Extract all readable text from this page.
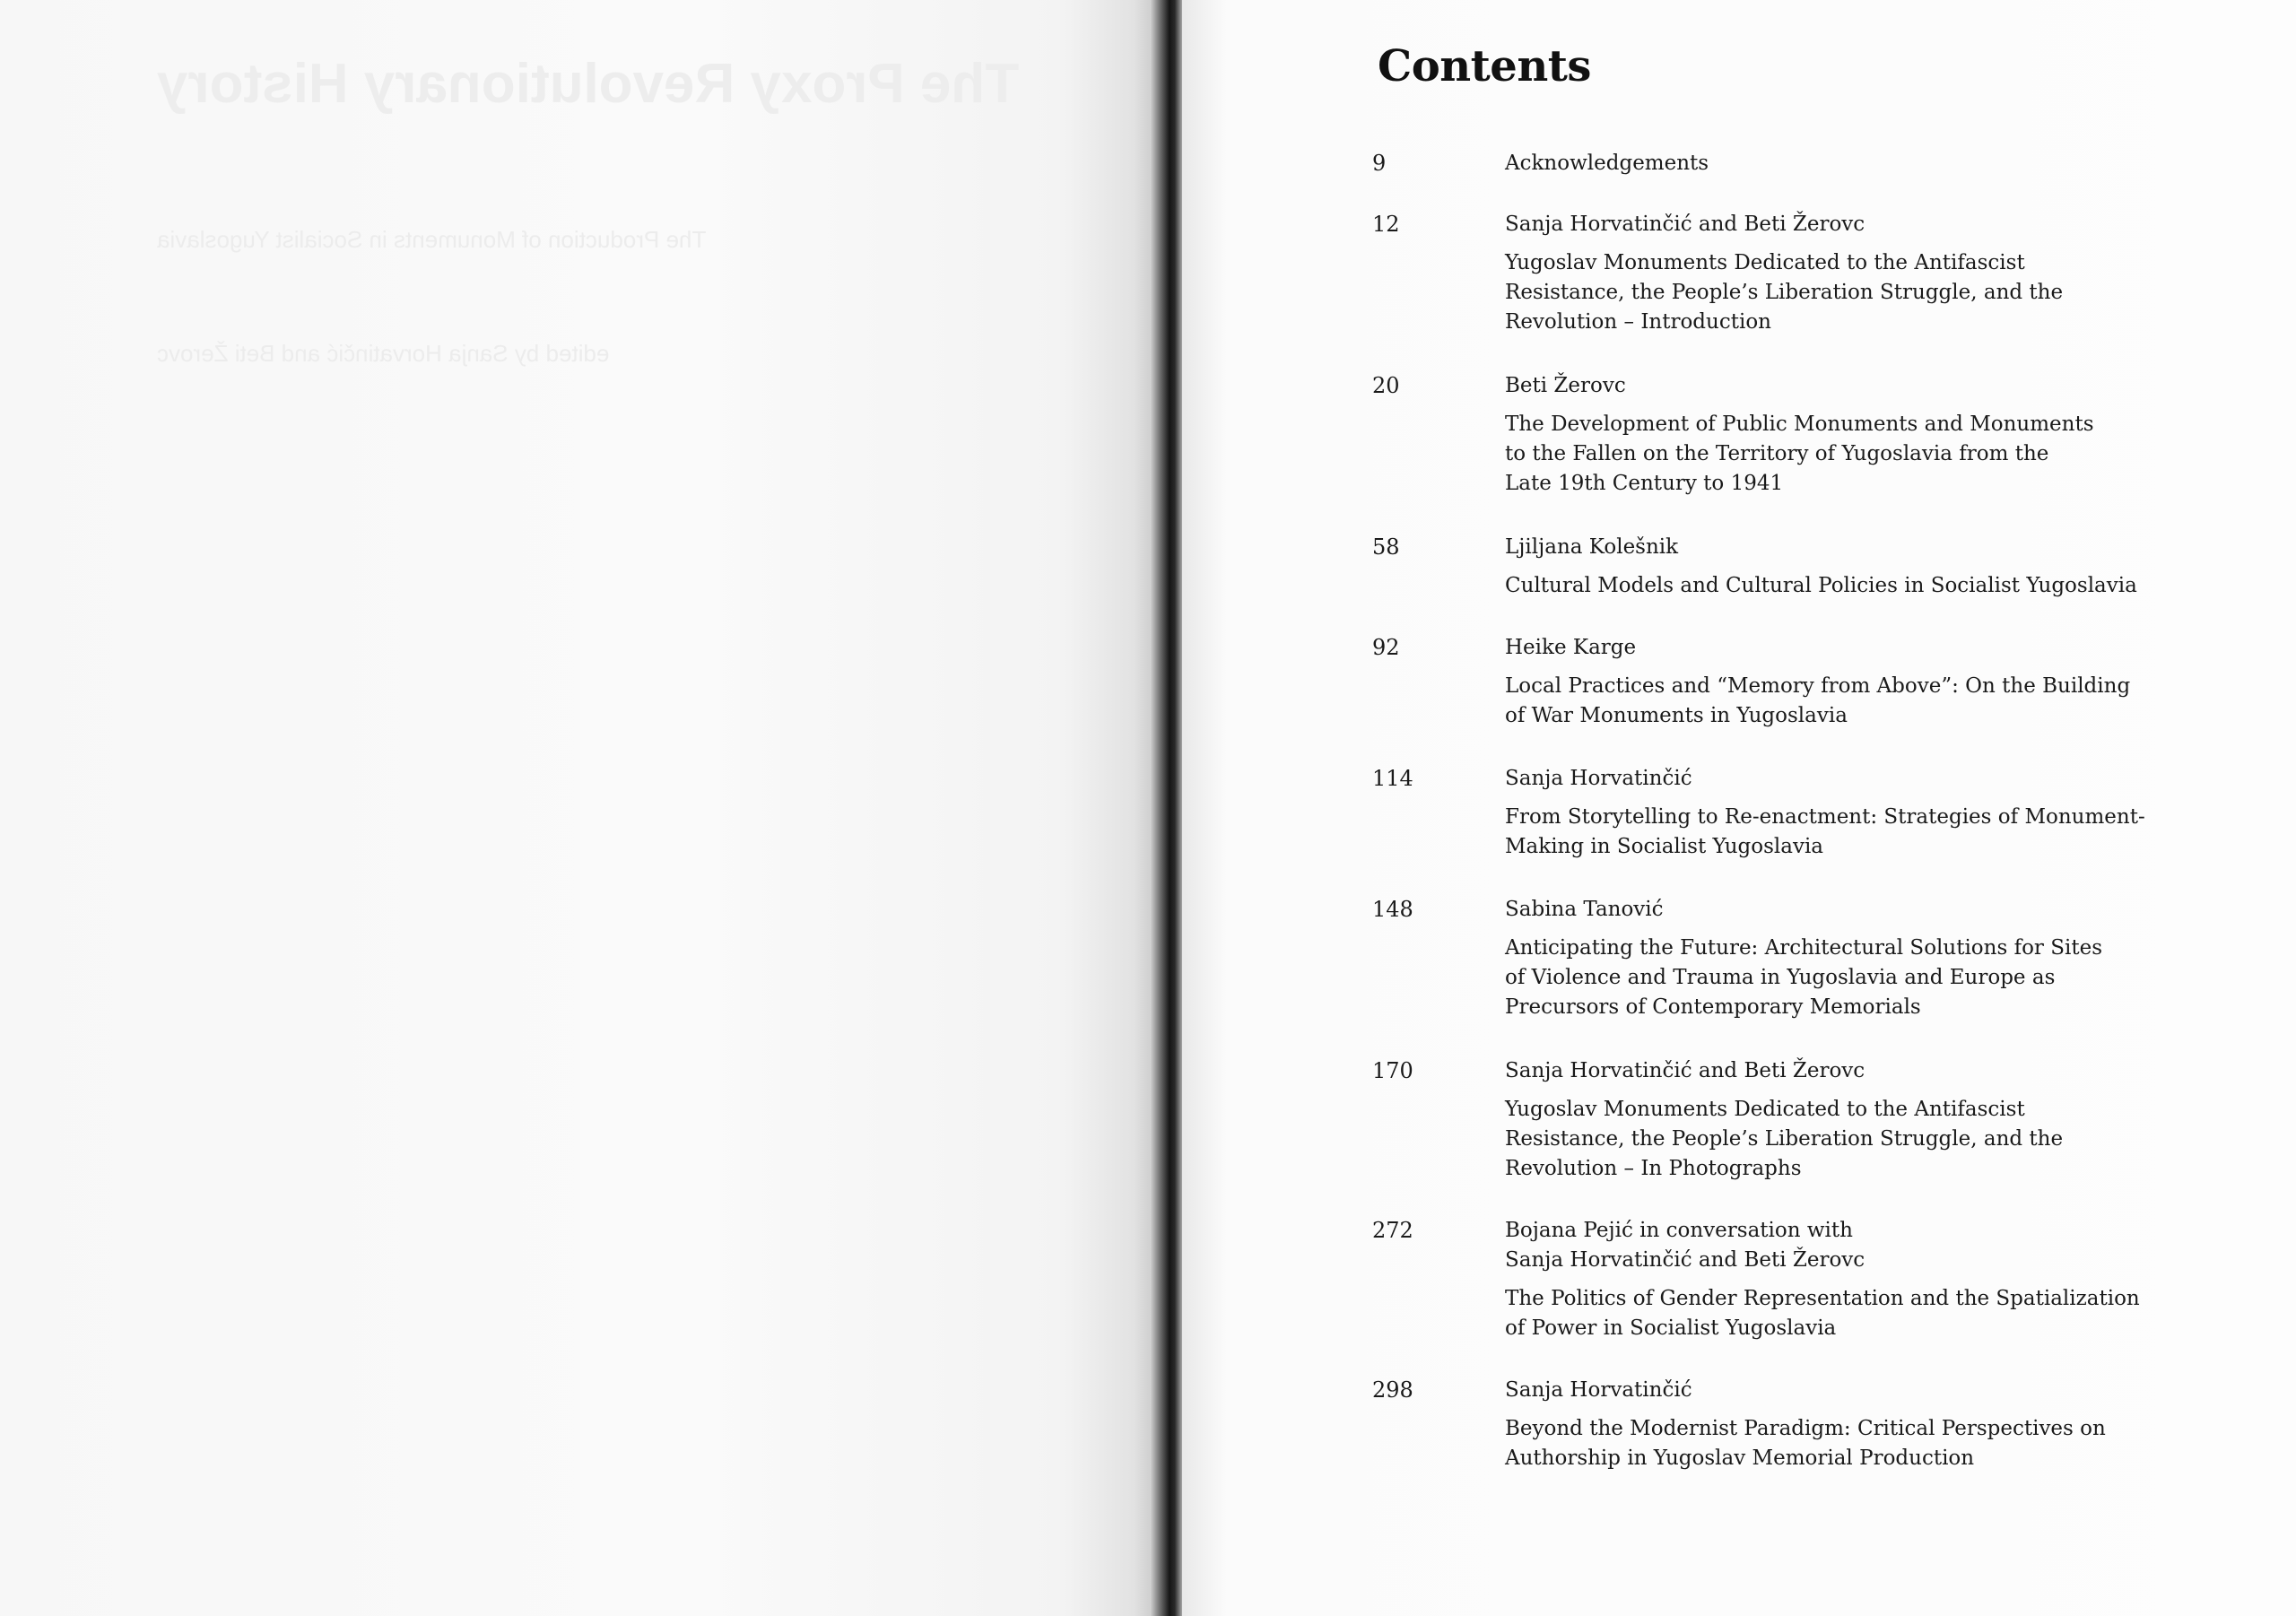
The Proxy Revolutionary History
The Production of Monuments in Socialist Yugoslavia
edited by Sanja Horvatinčić and Beti Žerovc
Contents
9	Acknowledgements

12	Sanja Horvatinčić and Beti Žerovc

Yugoslav Monuments Dedicated to the Antifascist
Resistance, the People’s Liberation Struggle, and the
Revolution – Introduction

20	Beti Žerovc

The Development of Public Monuments and Monuments
to the Fallen on the Territory of Yugoslavia from the
Late 19th Century to 1941

58	Ljiljana Kolešnik

Cultural Models and Cultural Policies in Socialist Yugoslavia

92	Heike Karge

Local Practices and “Memory from Above”: On the Building
of War Monuments in Yugoslavia

114	Sanja Horvatinčić

From Storytelling to Re-enactment: Strategies of Monument-
Making in Socialist Yugoslavia

148	Sabina Tanović

Anticipating the Future: Architectural Solutions for Sites
of Violence and Trauma in Yugoslavia and Europe as
Precursors of Contemporary Memorials

170	Sanja Horvatinčić and Beti Žerovc

Yugoslav Monuments Dedicated to the Antifascist
Resistance, the People’s Liberation Struggle, and the
Revolution – In Photographs

272	Bojana Pejić in conversation with
Sanja Horvatinčić and Beti Žerovc

The Politics of Gender Representation and the Spatialization
of Power in Socialist Yugoslavia

298	Sanja Horvatinčić

Beyond the Modernist Paradigm: Critical Perspectives on
Authorship in Yugoslav Memorial Production
